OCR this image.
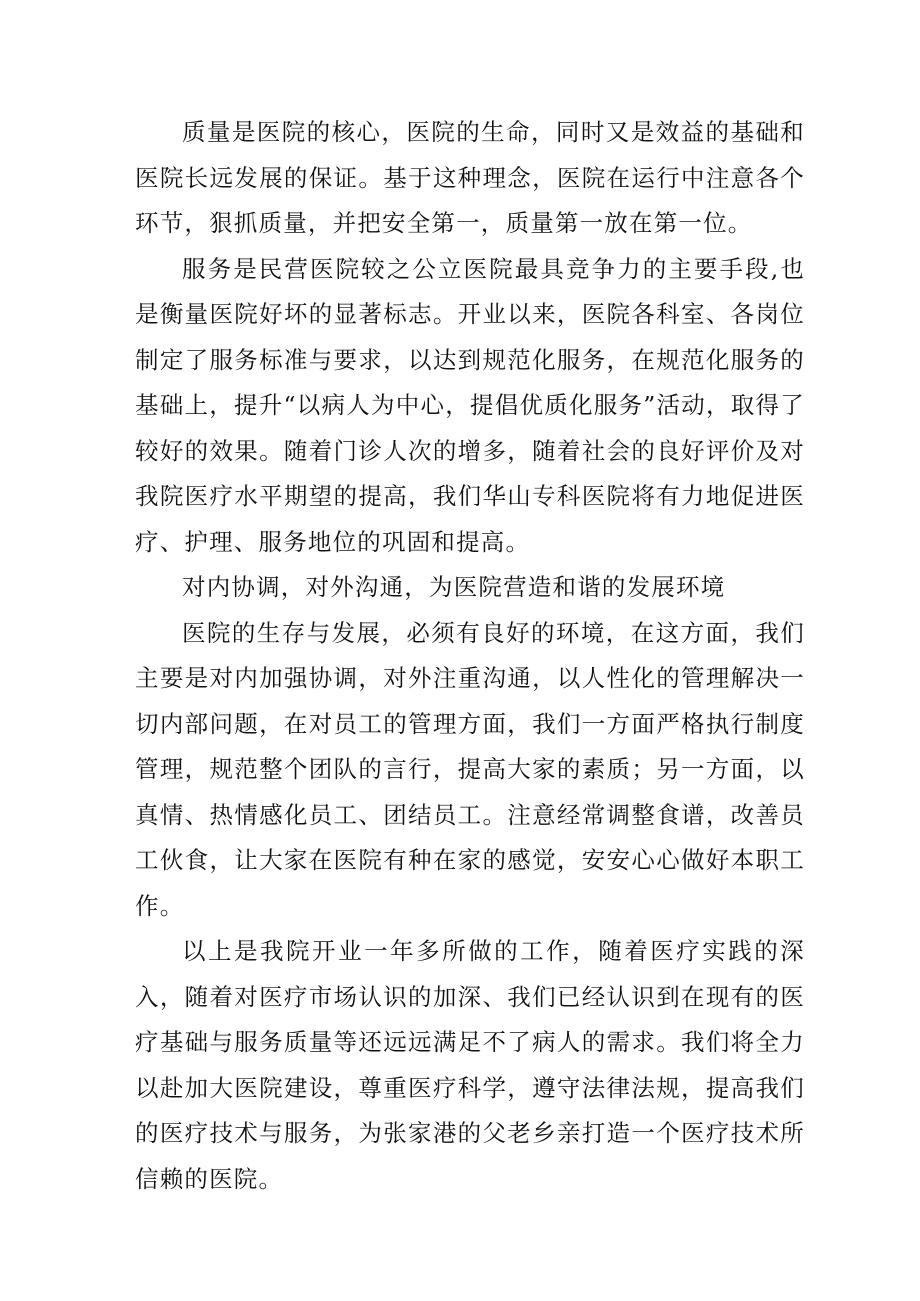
质量是医院的核心，医院的生命，同时又是效益的基础和医院长远发展的保证。基于这种理念，医院在运行中注意各个环节，狠抓质量，并把安全第一，质量第一放在第一位。

服务是民营医院较之公立医院最具竞争力的主要手段,也是衡量医院好坏的显著标志。开业以来，医院各科室、各岗位制定了服务标准与要求，以达到规范化服务，在规范化服务的基础上，提升“以病人为中心，提倡优质化服务”活动，取得了较好的效果。随着门诊人次的增多，随着社会的良好评价及对我院医疗水平期望的提高，我们华山专科医院将有力地促进医疗、护理、服务地位的巩固和提高。

对内协调，对外沟通，为医院营造和谐的发展环境

医院的生存与发展，必须有良好的环境，在这方面，我们主要是对内加强协调，对外注重沟通，以人性化的管理解决一切内部问题，在对员工的管理方面，我们一方面严格执行制度管理，规范整个团队的言行，提高大家的素质；另一方面，以真情、热情感化员工、团结员工。注意经常调整食谱，改善员工伙食，让大家在医院有种在家的感觉，安安心心做好本职工作。

以上是我院开业一年多所做的工作，随着医疗实践的深入，随着对医疗市场认识的加深、我们已经认识到在现有的医疗基础与服务质量等还远远满足不了病人的需求。我们将全力以赴加大医院建设，尊重医疗科学，遵守法律法规，提高我们的医疗技术与服务，为张家港的父老乡亲打造一个医疗技术所信赖的医院。
